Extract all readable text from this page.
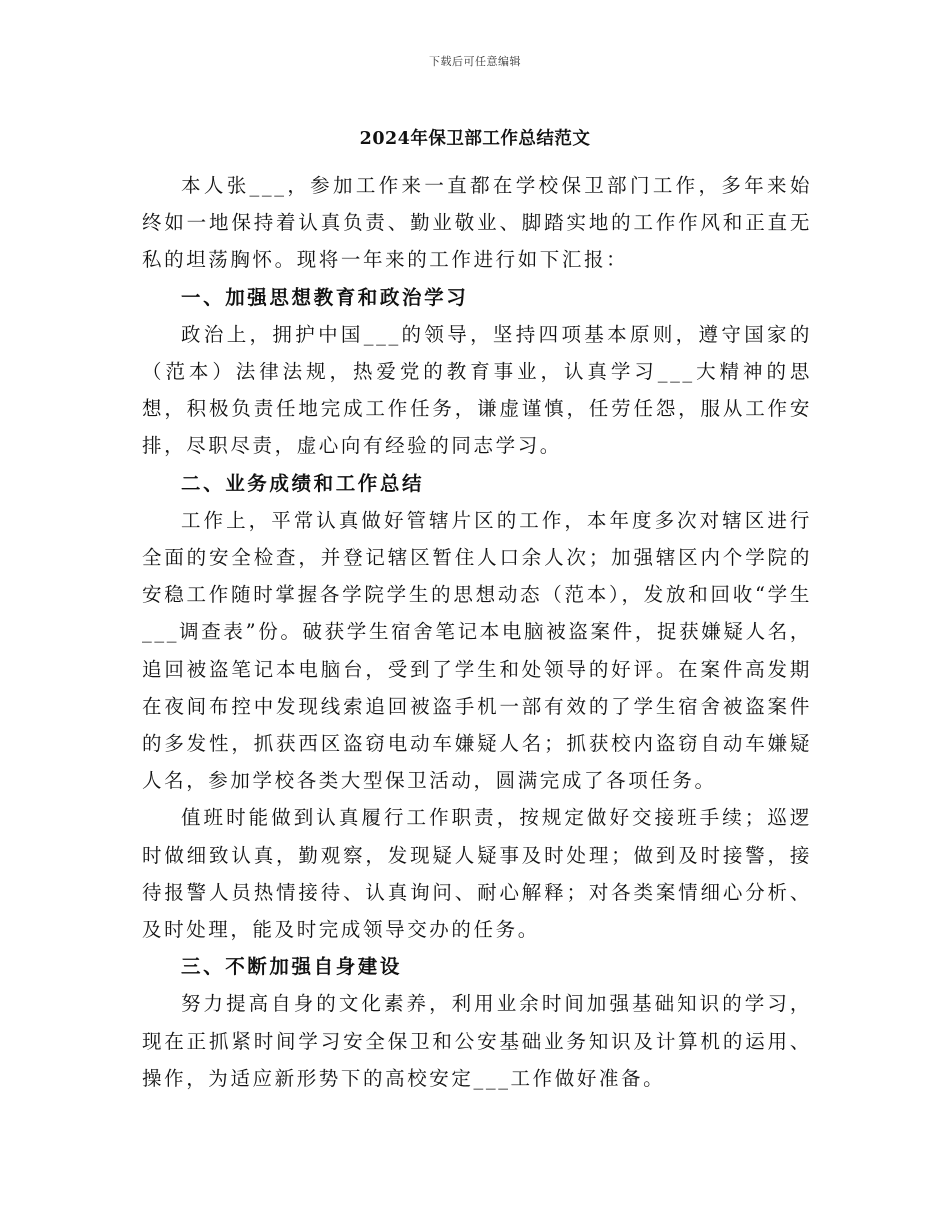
下载后可任意编辑
2024年保卫部工作总结范文

本人张___，参加工作来一直都在学校保卫部门工作，多年来始终如一地保持着认真负责、勤业敬业、脚踏实地的工作作风和正直无私的坦荡胸怀。现将一年来的工作进行如下汇报：

一、加强思想教育和政治学习

政治上，拥护中国___的领导，坚持四项基本原则，遵守国家的（范本）法律法规，热爱党的教育事业，认真学习___大精神的思想，积极负责任地完成工作任务，谦虚谨慎，任劳任怨，服从工作安排，尽职尽责，虚心向有经验的同志学习。

二、业务成绩和工作总结

工作上，平常认真做好管辖片区的工作，本年度多次对辖区进行全面的安全检查，并登记辖区暂住人口余人次；加强辖区内个学院的安稳工作随时掌握各学院学生的思想动态（范本），发放和回收“学生___调查表”份。破获学生宿舍笔记本电脑被盗案件，捉获嫌疑人名，追回被盗笔记本电脑台，受到了学生和处领导的好评。在案件高发期在夜间布控中发现线索追回被盗手机一部有效的了学生宿舍被盗案件的多发性，抓获西区盗窃电动车嫌疑人名；抓获校内盗窃自动车嫌疑人名，参加学校各类大型保卫活动，圆满完成了各项任务。

值班时能做到认真履行工作职责，按规定做好交接班手续；巡逻时做细致认真，勤观察，发现疑人疑事及时处理；做到及时接警，接待报警人员热情接待、认真询问、耐心解释；对各类案情细心分析、及时处理，能及时完成领导交办的任务。

三、不断加强自身建设

努力提高自身的文化素养，利用业余时间加强基础知识的学习，现在正抓紧时间学习安全保卫和公安基础业务知识及计算机的运用、操作，为适应新形势下的高校安定___工作做好准备。
